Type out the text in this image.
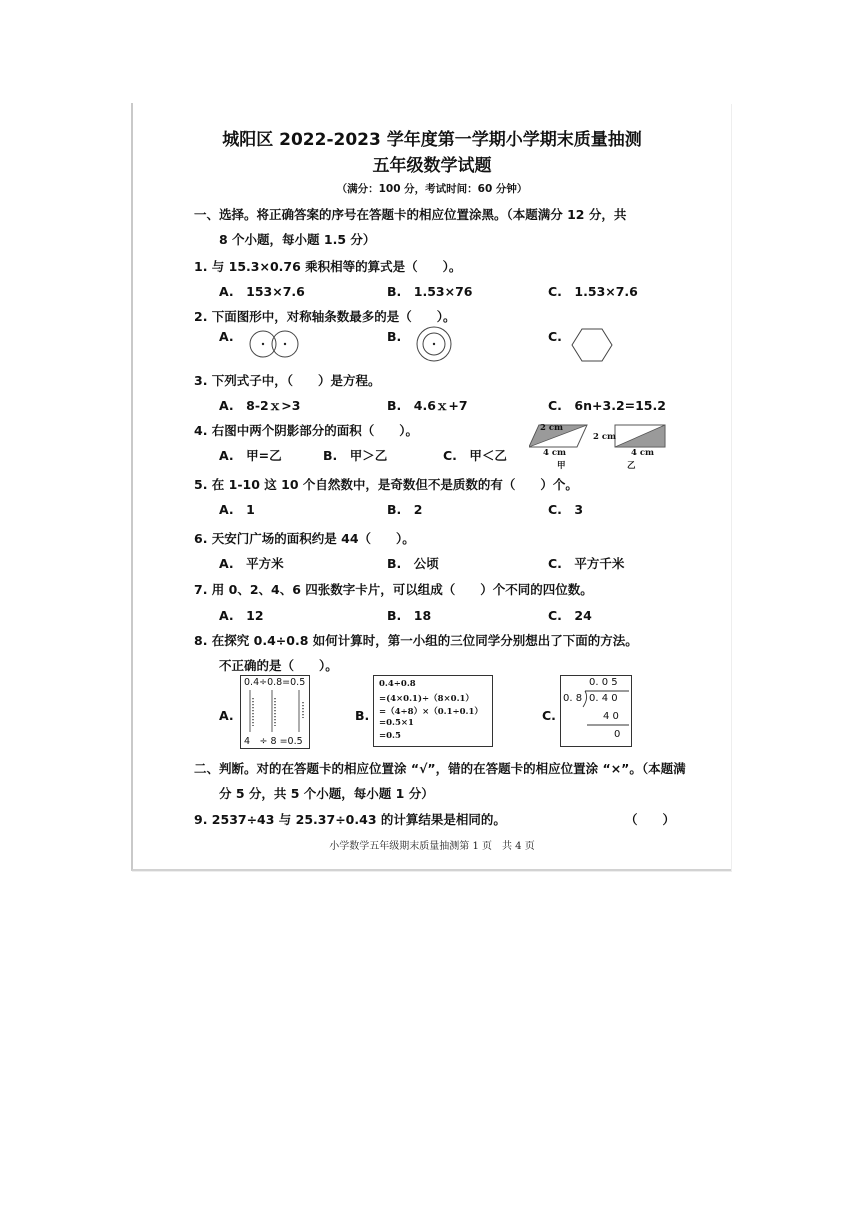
城阳区 2022-2023 学年度第一学期小学期末质量抽测
五年级数学试题
（满分：100 分，考试时间：60 分钟）
一、选择。将正确答案的序号在答题卡的相应位置涂黑。（本题满分 12 分，共
8 个小题，每小题 1.5 分）
1. 与 15.3×0.76 乘积相等的算式是（　　）。
A.　153×7.6	B.　1.53×76	C.　1.53×7.6
2. 下面图形中，对称轴条数最多的是（　　）。
A.	B.	C.
3. 下列式子中，（　　）是方程。
A.　8-2ｘ>3	B.　4.6ｘ+7	C.　6n+3.2=15.2
4. 右图中两个阴影部分的面积（　　）。
A.　甲=乙	B.　甲＞乙	C.　甲＜乙
2 cm
4 cm
甲
2 cm
4 cm
乙
5. 在 1-10 这 10 个自然数中，是奇数但不是质数的有（　　）个。
A.　1	B.　2	C.　3
6. 天安门广场的面积约是 44（　　）。
A.　平方米	B.　公顷	C.　平方千米
7. 用 0、2、4、6 四张数字卡片，可以组成（　　）个不同的四位数。
A.　12	B.　18	C.　24
8. 在探究 0.4÷0.8 如何计算时，第一小组的三位同学分别想出了下面的方法。
不正确的是（　　）。
A.
0.4÷0.8=0.5
4　÷ 8 =0.5
B.
0.4÷0.8
=(4×0.1)÷（8×0.1）
=（4÷8）×（0.1÷0.1）
=0.5×1
=0.5
C.
0. 0 5
0. 8 0. 4 0
4 0
0
二、判断。对的在答题卡的相应位置涂 “√”，错的在答题卡的相应位置涂 “×”。（本题满
分 5 分，共 5 个小题，每小题 1 分）
9. 2537÷43 与 25.37÷0.43 的计算结果是相同的。	（　　）
小学数学五年级期末质量抽测第 1 页　共 4 页
